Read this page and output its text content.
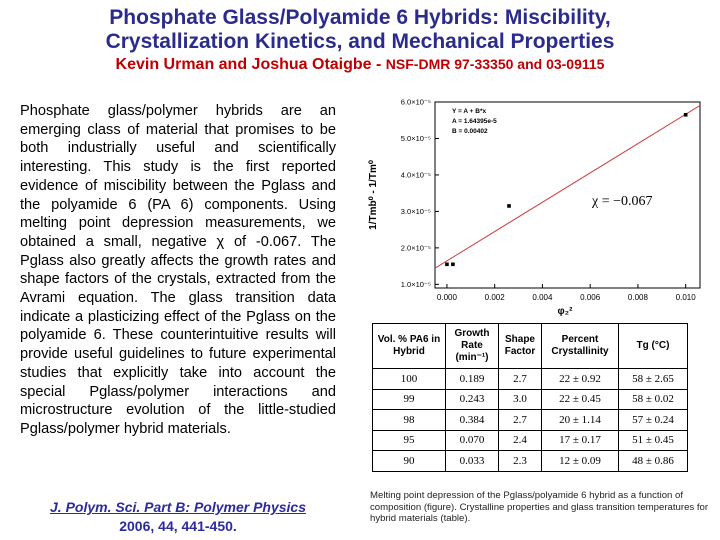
Phosphate Glass/Polyamide 6 Hybrids: Miscibility,
Crystallization Kinetics, and Mechanical Properties
Kevin Urman and Joshua Otaigbe - NSF-DMR 97-33350 and 03-09115
Phosphate glass/polymer hybrids are an emerging class of material that promises to be both industrially useful and scientifically interesting. This study is the first reported evidence of miscibility between the Pglass and the polyamide 6 (PA 6) components. Using melting point depression measurements, we obtained a small, negative χ of -0.067. The Pglass also greatly affects the growth rates and shape factors of the crystals, extracted from the Avrami equation. The glass transition data indicate a plasticizing effect of the Pglass on the polyamide 6. These counterintuitive results will provide useful guidelines to future experimental studies that explicitly take into account the special Pglass/polymer interactions and microstructure evolution of the little-studied Pglass/polymer hybrid materials.
J. Polym. Sci. Part B: Polymer Physics
2006, 44, 441-450.
1.0×10⁻⁵
2.0×10⁻⁵
3.0×10⁻⁵
4.0×10⁻⁵
5.0×10⁻⁵
6.0×10⁻⁵
0.000	0.002	0.004	0.006	0.008	0.010
Y = A + B*x
A = 1.64395e-5
B = 0.00402
χ = −0.067
φ₂²
1/Tmb⁰ - 1/Tm⁰
Vol. % PA6 in Hybrid	Growth Rate (min⁻¹)	Shape Factor	Percent Crystallinity	Tg (°C)
100	0.189	2.7	22 ± 0.92	58 ± 2.65
99	0.243	3.0	22 ± 0.45	58 ± 0.02
98	0.384	2.7	20 ± 1.14	57 ± 0.24
95	0.070	2.4	17 ± 0.17	51 ± 0.45
90	0.033	2.3	12 ± 0.09	48 ± 0.86
Melting point depression of the Pglass/polyamide 6 hybrid as a function of composition (figure). Crystalline properties and glass transition temperatures for hybrid materials (table).
